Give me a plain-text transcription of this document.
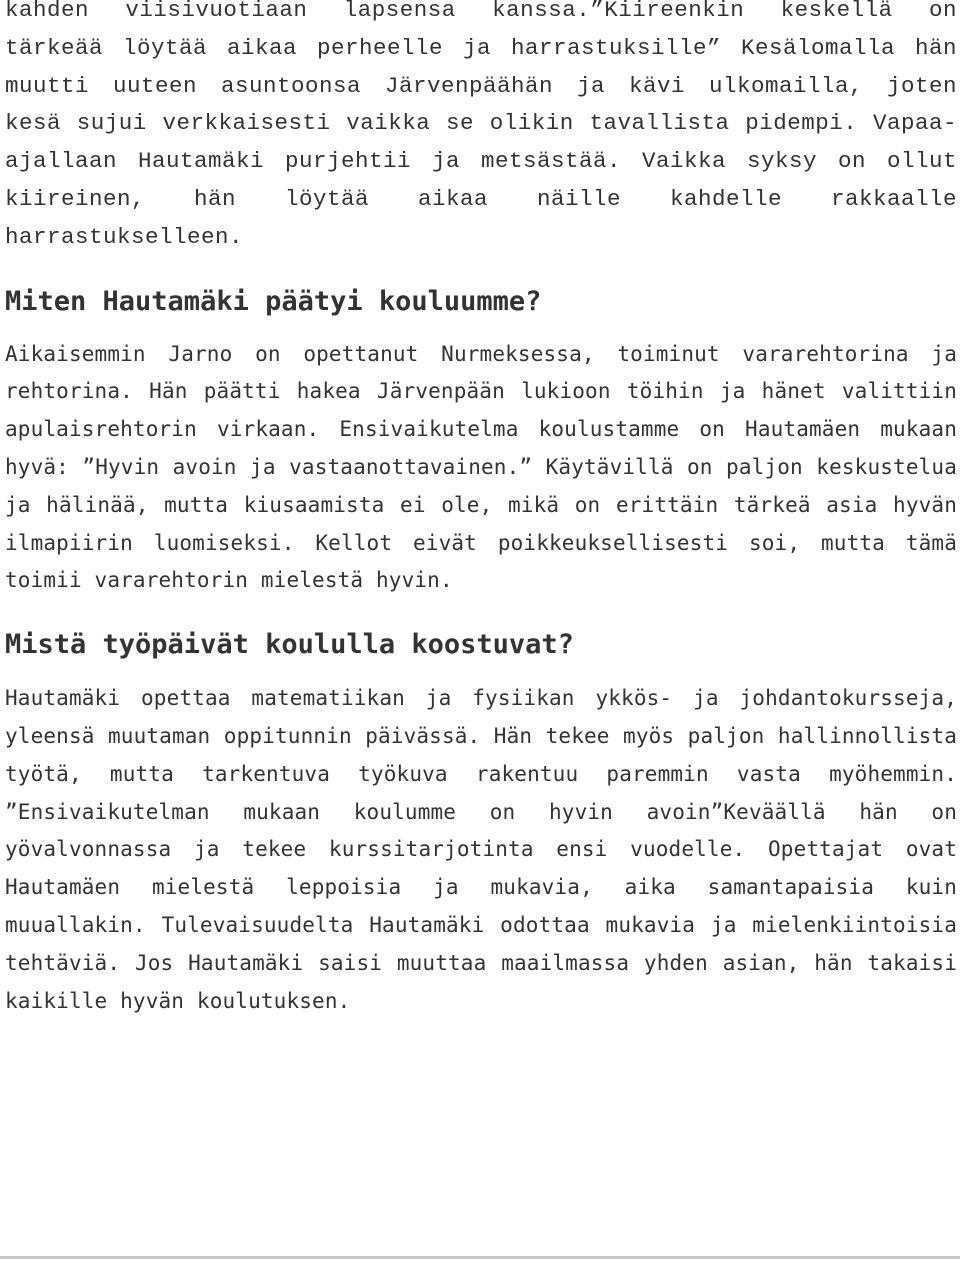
kahden viisivuotiaan lapsensa kanssa.”Kiireenkin keskellä on tärkeää löytää aikaa perheelle ja harrastuksille” Kesälomalla hän muutti uuteen asuntoonsa Järvenpäähän ja kävi ulkomailla, joten kesä sujui verkkaisesti vaikka se olikin tavallista pidempi. Vapaa-ajallaan Hautamäki purjehtii ja metsästää. Vaikka syksy on ollut kiireinen, hän löytää aikaa näille kahdelle rakkaalle harrastukselleen.

Miten Hautamäki päätyi kouluumme?

Aikaisemmin Jarno on opettanut Nurmeksessa, toiminut vararehtorina ja rehtorina. Hän päätti hakea Järvenpään lukioon töihin ja hänet valittiin apulaisrehtorin virkaan. Ensivaikutelma koulustamme on Hautamäen mukaan hyvä: ”Hyvin avoin ja vastaanottavainen.” Käytävillä on paljon keskustelua ja hälinää, mutta kiusaamista ei ole, mikä on erittäin tärkeä asia hyvän ilmapiirin luomiseksi. Kellot eivät poikkeuksellisesti soi, mutta tämä toimii vararehtorin mielestä hyvin.

Mistä työpäivät koululla koostuvat?

Hautamäki opettaa matematiikan ja fysiikan ykkös- ja johdantokursseja, yleensä muutaman oppitunnin päivässä. Hän tekee myös paljon hallinnollista työtä, mutta tarkentuva työkuva rakentuu paremmin vasta myöhemmin. ”Ensivaikutelman mukaan koulumme on hyvin avoin”Keväällä hän on yövalvonnassa ja tekee kurssitarjotinta ensi vuodelle. Opettajat ovat Hautamäen mielestä leppoisia ja mukavia, aika samantapaisia kuin muuallakin. Tulevaisuudelta Hautamäki odottaa mukavia ja mielenkiintoisia tehtäviä. Jos Hautamäki saisi muuttaa maailmassa yhden asian, hän takaisi kaikille hyvän koulutuksen.
